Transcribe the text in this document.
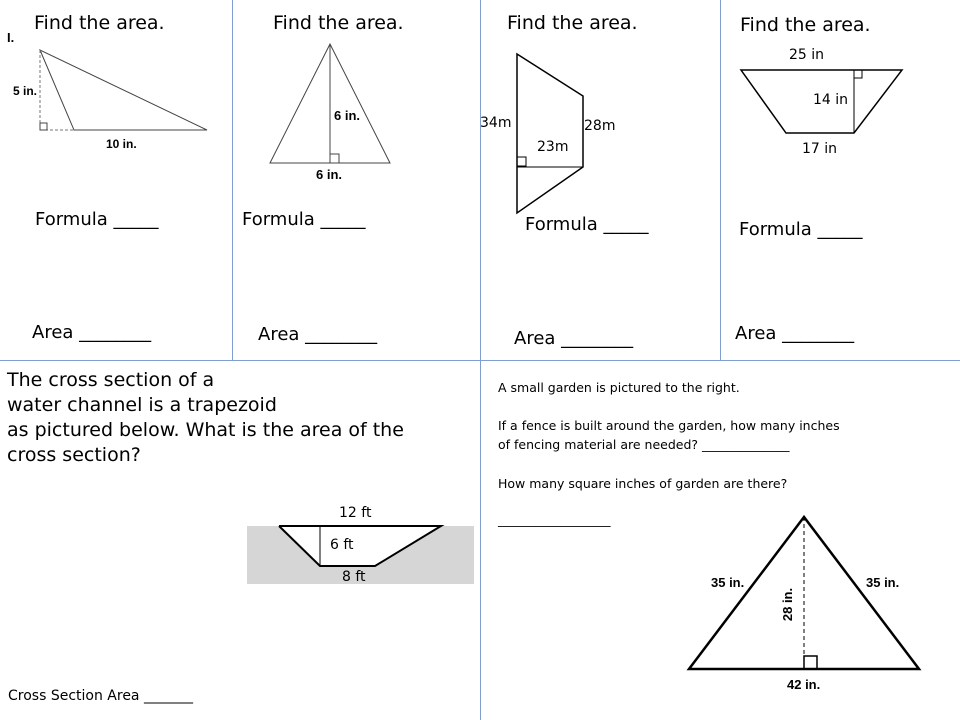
Find the area.
I.
5 in.
10 in.
Formula _____
Area ________
Find the area.
6 in.
6 in.
Formula _____
Area ________
Find the area.
34m	28m
23m
Formula _____
Area ________
Find the area.
25 in
14 in
17 in
Formula _____
Area ________
The cross section of a
water channel is a trapezoid
as pictured below. What is the area of the
cross section?
12 ft
6 ft
8 ft
Cross Section Area _______
A small garden is pictured to the right.
If a fence is built around the garden, how many inches
of fencing material are needed? ______________
How many square inches of garden are there?
__________________
35 in.	35 in.
28 in.
42 in.
